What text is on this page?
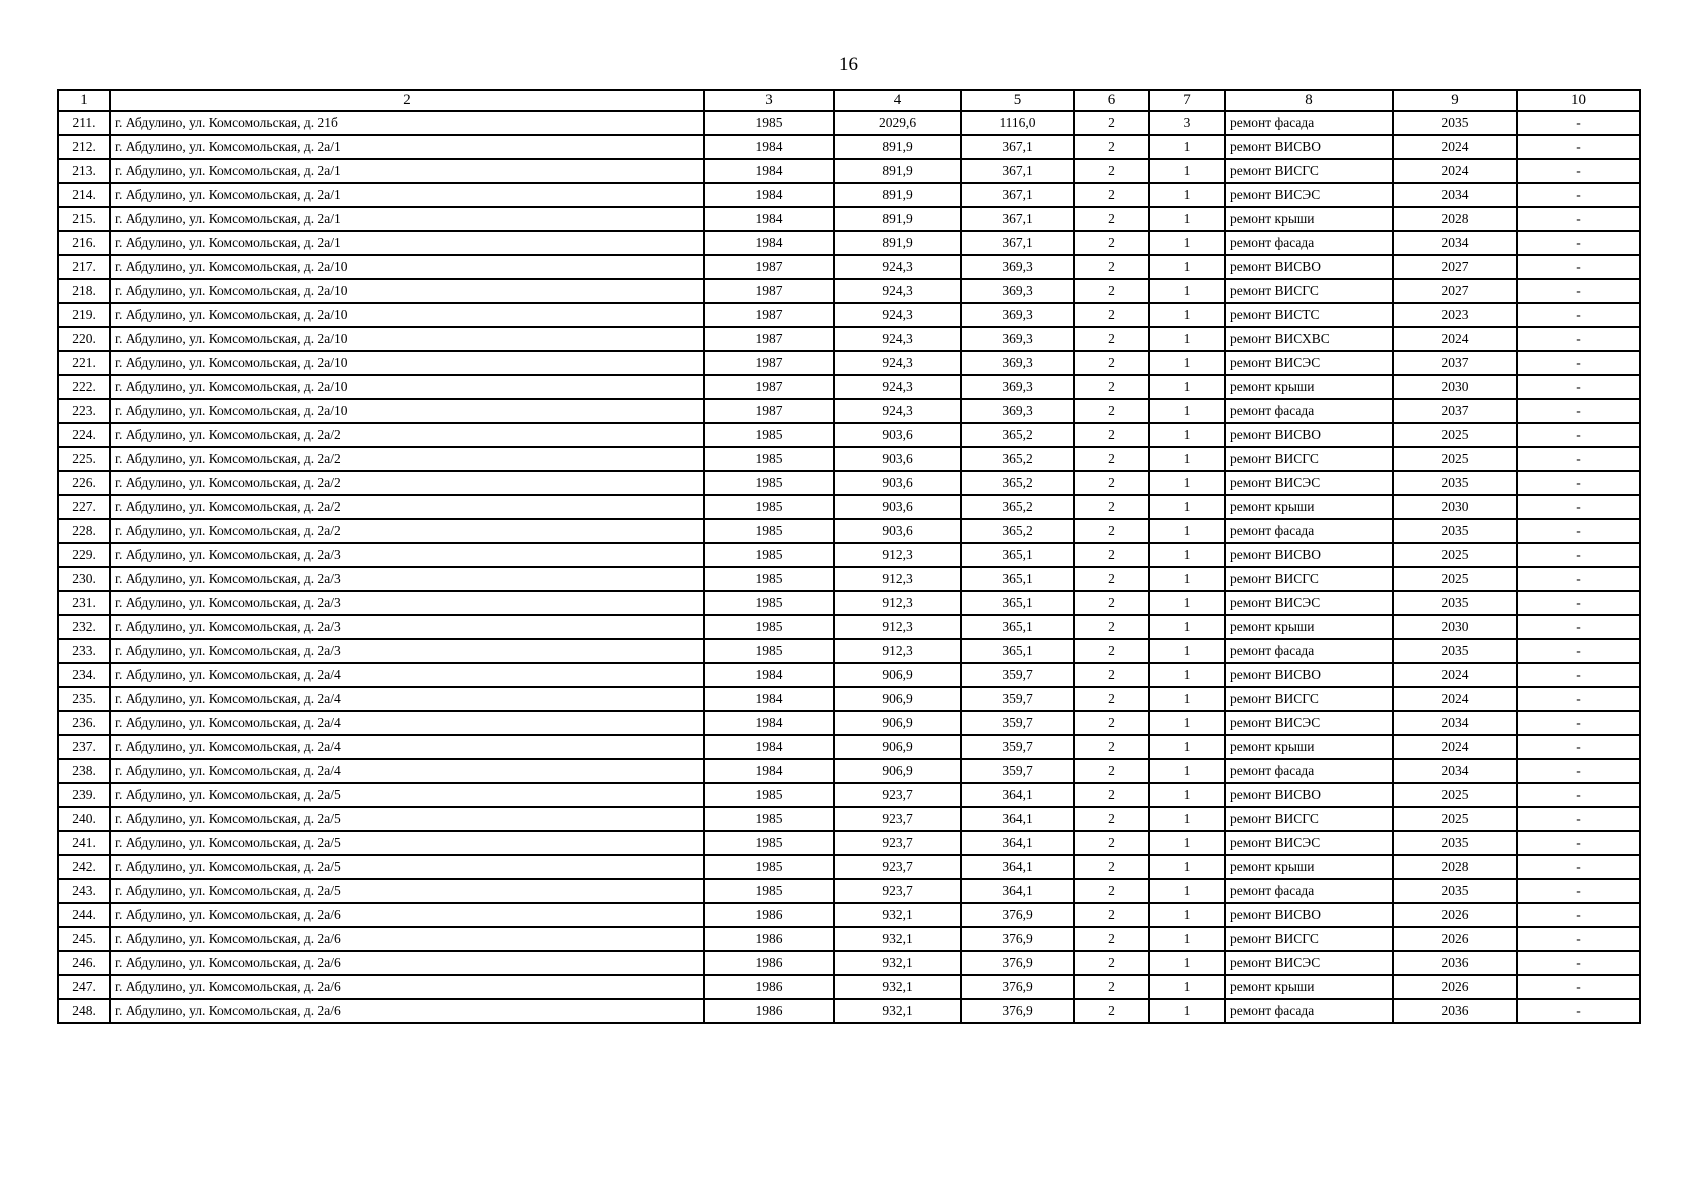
16
1	2	3	4	5	6	7	8	9	10
211.	г. Абдулино, ул. Комсомольская, д. 21б	1985	2029,6	1116,0	2	3	ремонт фасада	2035	-
212.	г. Абдулино, ул. Комсомольская, д. 2а/1	1984	891,9	367,1	2	1	ремонт ВИСВО	2024	-
213.	г. Абдулино, ул. Комсомольская, д. 2а/1	1984	891,9	367,1	2	1	ремонт ВИСГС	2024	-
214.	г. Абдулино, ул. Комсомольская, д. 2а/1	1984	891,9	367,1	2	1	ремонт ВИСЭС	2034	-
215.	г. Абдулино, ул. Комсомольская, д. 2а/1	1984	891,9	367,1	2	1	ремонт крыши	2028	-
216.	г. Абдулино, ул. Комсомольская, д. 2а/1	1984	891,9	367,1	2	1	ремонт фасада	2034	-
217.	г. Абдулино, ул. Комсомольская, д. 2а/10	1987	924,3	369,3	2	1	ремонт ВИСВО	2027	-
218.	г. Абдулино, ул. Комсомольская, д. 2а/10	1987	924,3	369,3	2	1	ремонт ВИСГС	2027	-
219.	г. Абдулино, ул. Комсомольская, д. 2а/10	1987	924,3	369,3	2	1	ремонт ВИСТС	2023	-
220.	г. Абдулино, ул. Комсомольская, д. 2а/10	1987	924,3	369,3	2	1	ремонт ВИСХВС	2024	-
221.	г. Абдулино, ул. Комсомольская, д. 2а/10	1987	924,3	369,3	2	1	ремонт ВИСЭС	2037	-
222.	г. Абдулино, ул. Комсомольская, д. 2а/10	1987	924,3	369,3	2	1	ремонт крыши	2030	-
223.	г. Абдулино, ул. Комсомольская, д. 2а/10	1987	924,3	369,3	2	1	ремонт фасада	2037	-
224.	г. Абдулино, ул. Комсомольская, д. 2а/2	1985	903,6	365,2	2	1	ремонт ВИСВО	2025	-
225.	г. Абдулино, ул. Комсомольская, д. 2а/2	1985	903,6	365,2	2	1	ремонт ВИСГС	2025	-
226.	г. Абдулино, ул. Комсомольская, д. 2а/2	1985	903,6	365,2	2	1	ремонт ВИСЭС	2035	-
227.	г. Абдулино, ул. Комсомольская, д. 2а/2	1985	903,6	365,2	2	1	ремонт крыши	2030	-
228.	г. Абдулино, ул. Комсомольская, д. 2а/2	1985	903,6	365,2	2	1	ремонт фасада	2035	-
229.	г. Абдулино, ул. Комсомольская, д. 2а/3	1985	912,3	365,1	2	1	ремонт ВИСВО	2025	-
230.	г. Абдулино, ул. Комсомольская, д. 2а/3	1985	912,3	365,1	2	1	ремонт ВИСГС	2025	-
231.	г. Абдулино, ул. Комсомольская, д. 2а/3	1985	912,3	365,1	2	1	ремонт ВИСЭС	2035	-
232.	г. Абдулино, ул. Комсомольская, д. 2а/3	1985	912,3	365,1	2	1	ремонт крыши	2030	-
233.	г. Абдулино, ул. Комсомольская, д. 2а/3	1985	912,3	365,1	2	1	ремонт фасада	2035	-
234.	г. Абдулино, ул. Комсомольская, д. 2а/4	1984	906,9	359,7	2	1	ремонт ВИСВО	2024	-
235.	г. Абдулино, ул. Комсомольская, д. 2а/4	1984	906,9	359,7	2	1	ремонт ВИСГС	2024	-
236.	г. Абдулино, ул. Комсомольская, д. 2а/4	1984	906,9	359,7	2	1	ремонт ВИСЭС	2034	-
237.	г. Абдулино, ул. Комсомольская, д. 2а/4	1984	906,9	359,7	2	1	ремонт крыши	2024	-
238.	г. Абдулино, ул. Комсомольская, д. 2а/4	1984	906,9	359,7	2	1	ремонт фасада	2034	-
239.	г. Абдулино, ул. Комсомольская, д. 2а/5	1985	923,7	364,1	2	1	ремонт ВИСВО	2025	-
240.	г. Абдулино, ул. Комсомольская, д. 2а/5	1985	923,7	364,1	2	1	ремонт ВИСГС	2025	-
241.	г. Абдулино, ул. Комсомольская, д. 2а/5	1985	923,7	364,1	2	1	ремонт ВИСЭС	2035	-
242.	г. Абдулино, ул. Комсомольская, д. 2а/5	1985	923,7	364,1	2	1	ремонт крыши	2028	-
243.	г. Абдулино, ул. Комсомольская, д. 2а/5	1985	923,7	364,1	2	1	ремонт фасада	2035	-
244.	г. Абдулино, ул. Комсомольская, д. 2а/6	1986	932,1	376,9	2	1	ремонт ВИСВО	2026	-
245.	г. Абдулино, ул. Комсомольская, д. 2а/6	1986	932,1	376,9	2	1	ремонт ВИСГС	2026	-
246.	г. Абдулино, ул. Комсомольская, д. 2а/6	1986	932,1	376,9	2	1	ремонт ВИСЭС	2036	-
247.	г. Абдулино, ул. Комсомольская, д. 2а/6	1986	932,1	376,9	2	1	ремонт крыши	2026	-
248.	г. Абдулино, ул. Комсомольская, д. 2а/6	1986	932,1	376,9	2	1	ремонт фасада	2036	-
